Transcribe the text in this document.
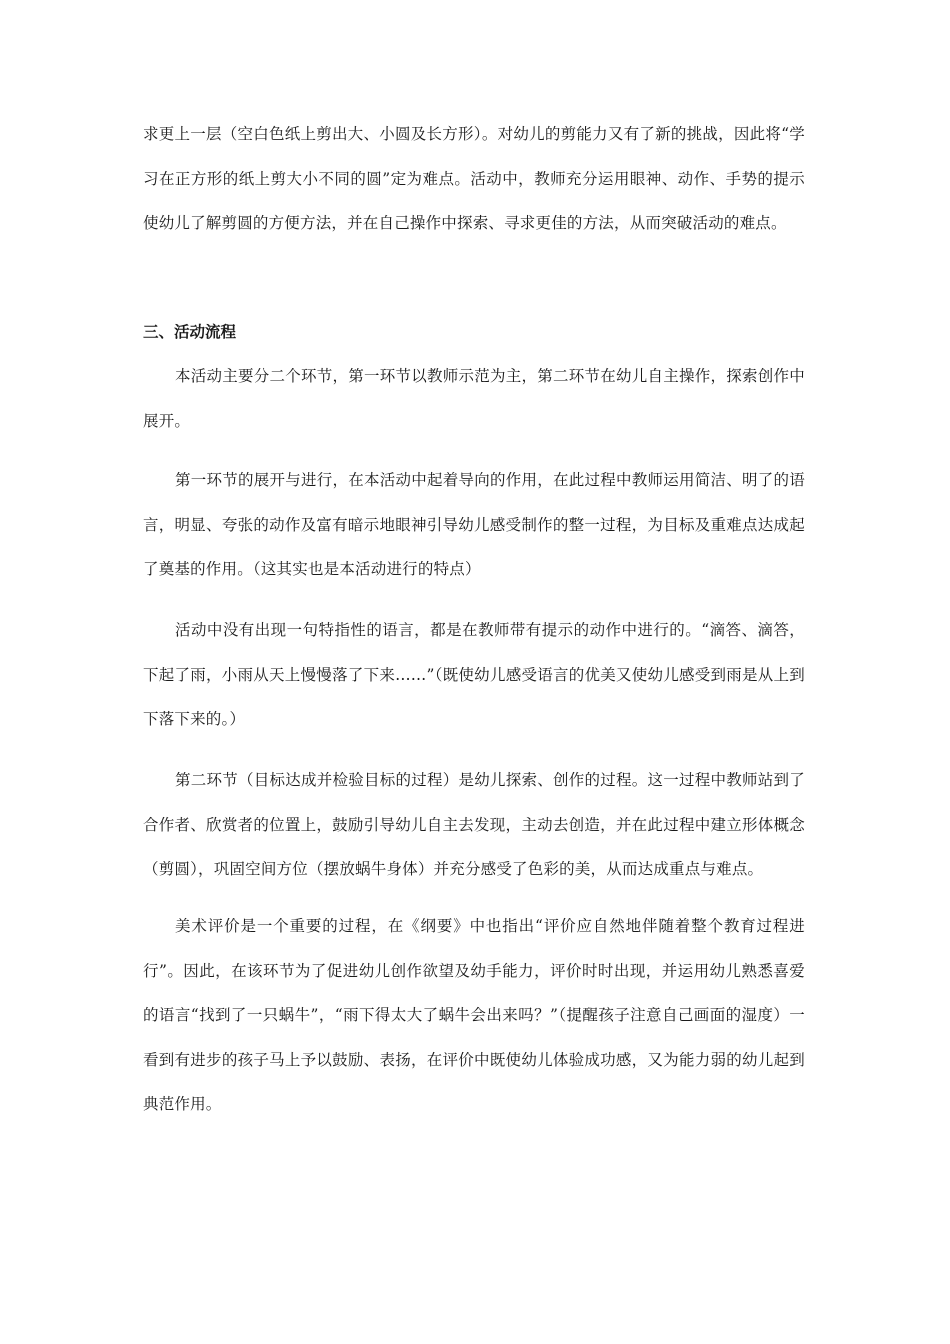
求更上一层（空白色纸上剪出大、小圆及长方形）。对幼儿的剪能力又有了新的挑战，因此将“学习在正方形的纸上剪大小不同的圆”定为难点。活动中，教师充分运用眼神、动作、手势的提示使幼儿了解剪圆的方便方法，并在自己操作中探索、寻求更佳的方法，从而突破活动的难点。

三、活动流程

本活动主要分二个环节，第一环节以教师示范为主，第二环节在幼儿自主操作，探索创作中展开。

第一环节的展开与进行，在本活动中起着导向的作用，在此过程中教师运用简洁、明了的语言，明显、夸张的动作及富有暗示地眼神引导幼儿感受制作的整一过程，为目标及重难点达成起了奠基的作用。（这其实也是本活动进行的特点）

活动中没有出现一句特指性的语言，都是在教师带有提示的动作中进行的。“滴答、滴答，下起了雨，小雨从天上慢慢落了下来……”（既使幼儿感受语言的优美又使幼儿感受到雨是从上到下落下来的。）

第二环节（目标达成并检验目标的过程）是幼儿探索、创作的过程。这一过程中教师站到了合作者、欣赏者的位置上，鼓励引导幼儿自主去发现，主动去创造，并在此过程中建立形体概念（剪圆），巩固空间方位（摆放蜗牛身体）并充分感受了色彩的美，从而达成重点与难点。

美术评价是一个重要的过程，在《纲要》中也指出“评价应自然地伴随着整个教育过程进行”。因此，在该环节为了促进幼儿创作欲望及幼手能力，评价时时出现，并运用幼儿熟悉喜爱的语言“找到了一只蜗牛”，“雨下得太大了蜗牛会出来吗？”（提醒孩子注意自己画面的湿度）一看到有进步的孩子马上予以鼓励、表扬，在评价中既使幼儿体验成功感，又为能力弱的幼儿起到典范作用。
